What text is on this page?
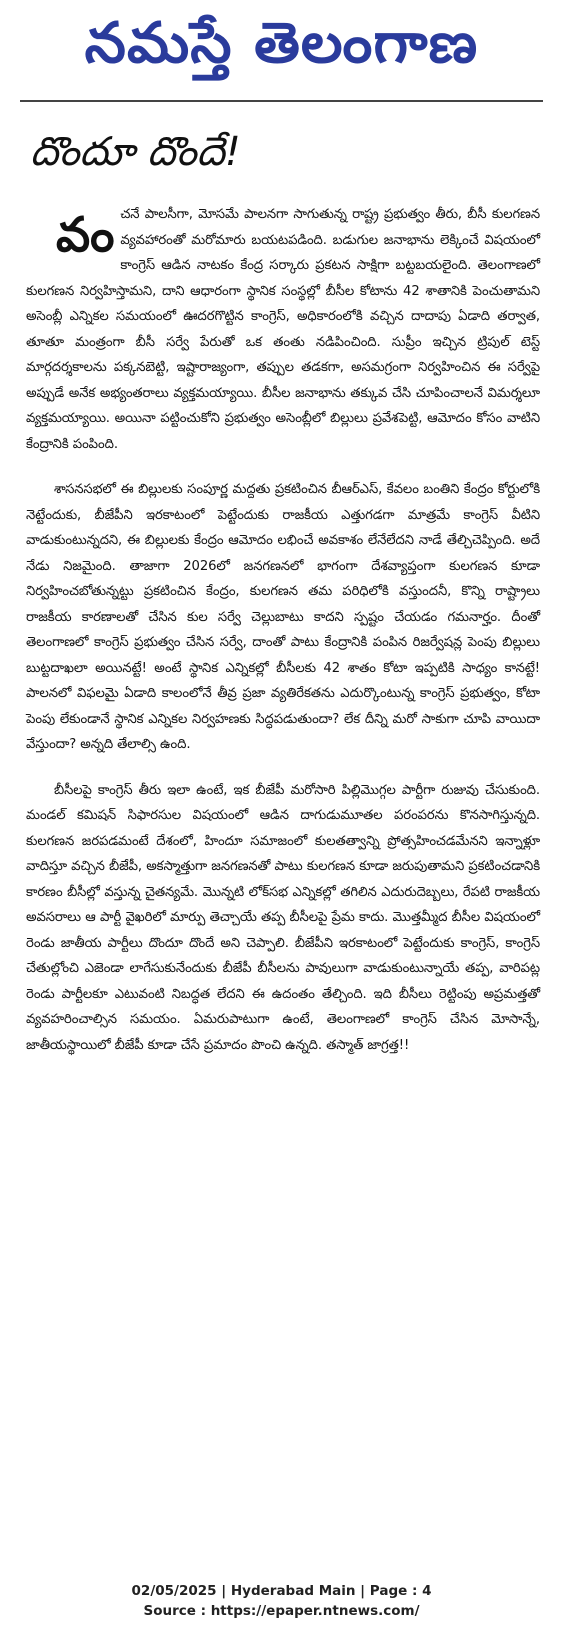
నమస్తే తెలంగాణ
దొందూ దొందే!

వం చనే పాలసీగా, మోసమే పాలనగా సాగుతున్న రాష్ట్ర ప్రభుత్వం తీరు, బీసీ కులగణన వ్యవహారంతో మరోమారు బయటపడింది. బడుగుల జనాభాను లెక్కించే విషయంలో కాంగ్రెస్ ఆడిన నాటకం కేంద్ర సర్కారు ప్రకటన సాక్షిగా బట్టబయలైంది. తెలంగాణలో కులగణన నిర్వహిస్తామని, దాని ఆధారంగా స్థానిక సంస్థల్లో బీసీల కోటాను 42 శాతానికి పెంచుతామని అసెంబ్లీ ఎన్నికల సమయంలో ఊదరగొట్టిన కాంగ్రెస్, అధికారంలోకి వచ్చిన దాదాపు ఏడాది తర్వాత, తూతూ మంత్రంగా బీసీ సర్వే పేరుతో ఒక తంతు నడిపించింది. సుప్రీం ఇచ్చిన ట్రిపుల్ టెస్ట్ మార్గదర్శకాలను పక్కనబెట్టి, ఇష్టారాజ్యంగా, తప్పుల తడకగా, అసమగ్రంగా నిర్వహించిన ఈ సర్వేపై అప్పుడే అనేక అభ్యంతరాలు వ్యక్తమయ్యాయి. బీసీల జనాభాను తక్కువ చేసి చూపించాలనే విమర్శలూ వ్యక్తమయ్యాయి. అయినా పట్టించుకోని ప్రభుత్వం అసెంబ్లీలో బిల్లులు ప్రవేశపెట్టి, ఆమోదం కోసం వాటిని కేంద్రానికి పంపింది.

శాసనసభలో ఈ బిల్లులకు సంపూర్ణ మద్దతు ప్రకటించిన బీఆర్ఎస్, కేవలం బంతిని కేంద్రం కోర్టులోకి నెట్టేందుకు, బీజేపీని ఇరకాటంలో పెట్టేందుకు రాజకీయ ఎత్తుగడగా మాత్రమే కాంగ్రెస్ వీటిని వాడుకుంటున్నదని, ఈ బిల్లులకు కేంద్రం ఆమోదం లభించే అవకాశం లేనేలేదని నాడే తేల్చిచెప్పింది. అదే నేడు నిజమైంది. తాజాగా 2026లో జనగణనలో భాగంగా దేశవ్యాప్తంగా కులగణన కూడా నిర్వహించబోతున్నట్టు ప్రకటించిన కేంద్రం, కులగణన తమ పరిధిలోకి వస్తుందనీ, కొన్ని రాష్ట్రాలు రాజకీయ కారణాలతో చేసిన కుల సర్వే చెల్లుబాటు కాదని స్పష్టం చేయడం గమనార్హం. దీంతో తెలంగాణలో కాంగ్రెస్ ప్రభుత్వం చేసిన సర్వే, దాంతో పాటు కేంద్రానికి పంపిన రిజర్వేషన్ల పెంపు బిల్లులు బుట్టదాఖలా అయినట్టే! అంటే స్థానిక ఎన్నికల్లో బీసీలకు 42 శాతం కోటా ఇప్పటికి సాధ్యం కానట్టే! పాలనలో విఫలమై ఏడాది కాలంలోనే తీవ్ర ప్రజా వ్యతిరేకతను ఎదుర్కొంటున్న కాంగ్రెస్ ప్రభుత్వం, కోటా పెంపు లేకుండానే స్థానిక ఎన్నికల నిర్వహణకు సిద్ధపడుతుందా? లేక దీన్ని మరో సాకుగా చూపి వాయిదా వేస్తుందా? అన్నది తేలాల్సి ఉంది.

బీసీలపై కాంగ్రెస్ తీరు ఇలా ఉంటే, ఇక బీజేపీ మరోసారి పిల్లిమొగ్గల పార్టీగా రుజువు చేసుకుంది. మండల్ కమిషన్ సిఫారసుల విషయంలో ఆడిన దాగుడుమూతల పరంపరను కొనసాగిస్తున్నది. కులగణన జరపడమంటే దేశంలో, హిందూ సమాజంలో కులతత్వాన్ని ప్రోత్సహించడమేనని ఇన్నాళ్లూ వాదిస్తూ వచ్చిన బీజేపీ, అకస్మాత్తుగా జనగణనతో పాటు కులగణన కూడా జరుపుతామని ప్రకటించడానికి కారణం బీసీల్లో వస్తున్న చైతన్యమే. మొన్నటి లోక్‌సభ ఎన్నికల్లో తగిలిన ఎదురుదెబ్బలు, రేపటి రాజకీయ అవసరాలు ఆ పార్టీ వైఖరిలో మార్పు తెచ్చాయే తప్ప బీసీలపై ప్రేమ కాదు. మొత్తమ్మీద బీసీల విషయంలో రెండు జాతీయ పార్టీలు దొందూ దొందే అని చెప్పాలి. బీజేపీని ఇరకాటంలో పెట్టేందుకు కాంగ్రెస్, కాంగ్రెస్ చేతుల్లోంచి ఎజెండా లాగేసుకునేందుకు బీజేపీ బీసీలను పావులుగా వాడుకుంటున్నాయే తప్ప, వారిపట్ల రెండు పార్టీలకూ ఎటువంటి నిబద్ధత లేదని ఈ ఉదంతం తేల్చింది. ఇది బీసీలు రెట్టింపు అప్రమత్తతో వ్యవహరించాల్సిన సమయం. ఏమరుపాటుగా ఉంటే, తెలంగాణలో కాంగ్రెస్ చేసిన మోసాన్నే, జాతీయస్థాయిలో బీజేపీ కూడా చేసే ప్రమాదం పొంచి ఉన్నది. తస్మాత్ జాగ్రత్త!!

02/05/2025 | Hyderabad Main | Page : 4
Source : https://epaper.ntnews.com/
